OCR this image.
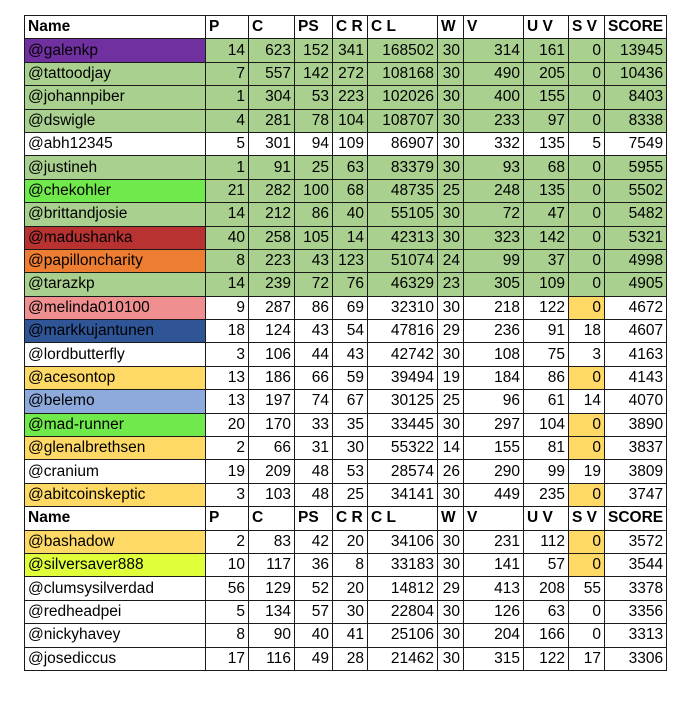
Name	P	C	PS	C R	C L	W	V	U V	S V	SCORE
@galenkp	14	623	152	341	168502	30	314	161	0	13945
@tattoodjay	7	557	142	272	108168	30	490	205	0	10436
@johannpiber	1	304	53	223	102026	30	400	155	0	8403
@dswigle	4	281	78	104	108707	30	233	97	0	8338
@abh12345	5	301	94	109	86907	30	332	135	5	7549
@justineh	1	91	25	63	83379	30	93	68	0	5955
@chekohler	21	282	100	68	48735	25	248	135	0	5502
@brittandjosie	14	212	86	40	55105	30	72	47	0	5482
@madushanka	40	258	105	14	42313	30	323	142	0	5321
@papilloncharity	8	223	43	123	51074	24	99	37	0	4998
@tarazkp	14	239	72	76	46329	23	305	109	0	4905
@melinda010100	9	287	86	69	32310	30	218	122	0	4672
@markkujantunen	18	124	43	54	47816	29	236	91	18	4607
@lordbutterfly	3	106	44	43	42742	30	108	75	3	4163
@acesontop	13	186	66	59	39494	19	184	86	0	4143
@belemo	13	197	74	67	30125	25	96	61	14	4070
@mad-runner	20	170	33	35	33445	30	297	104	0	3890
@glenalbrethsen	2	66	31	30	55322	14	155	81	0	3837
@cranium	19	209	48	53	28574	26	290	99	19	3809
@abitcoinskeptic	3	103	48	25	34141	30	449	235	0	3747
Name	P	C	PS	C R	C L	W	V	U V	S V	SCORE
@bashadow	2	83	42	20	34106	30	231	112	0	3572
@silversaver888	10	117	36	8	33183	30	141	57	0	3544
@clumsysilverdad	56	129	52	20	14812	29	413	208	55	3378
@redheadpei	5	134	57	30	22804	30	126	63	0	3356
@nickyhavey	8	90	40	41	25106	30	204	166	0	3313
@josediccus	17	116	49	28	21462	30	315	122	17	3306
